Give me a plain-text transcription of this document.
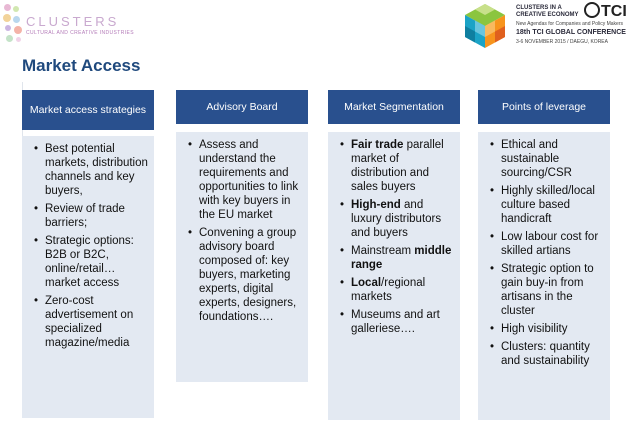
CLUSTERS
CULTURAL AND CREATIVE INDUSTRIES
CLUSTERS IN A
CREATIVE ECONOMY	TCI
New Agendas for Companies and Policy Makers
18th TCI GLOBAL CONFERENCE
3-6 NOVEMBER 2015 / DAEGU, KOREA
Market Access
Market access strategies
• Best potential markets, distribution channels and key buyers,
• Review of trade barriers;
• Strategic options: B2B or B2C, online/retail… market access
• Zero-cost advertisement on specialized magazine/media
Advisory Board
• Assess and understand the requirements and opportunities to link with key buyers in the EU market
• Convening a group advisory board composed of: key buyers, marketing experts, digital experts, designers, foundations….
Market Segmentation
• Fair trade parallel market of distribution and sales buyers
• High-end and luxury distributors and buyers
• Mainstream middle range
• Local/regional markets
• Museums and art galleriese….
Points of leverage
• Ethical and sustainable sourcing/CSR
• Highly skilled/local culture based handicraft
• Low labour cost for skilled artians
• Strategic option to gain buy-in from artisans in the cluster
• High visibility
• Clusters: quantity and sustainability
